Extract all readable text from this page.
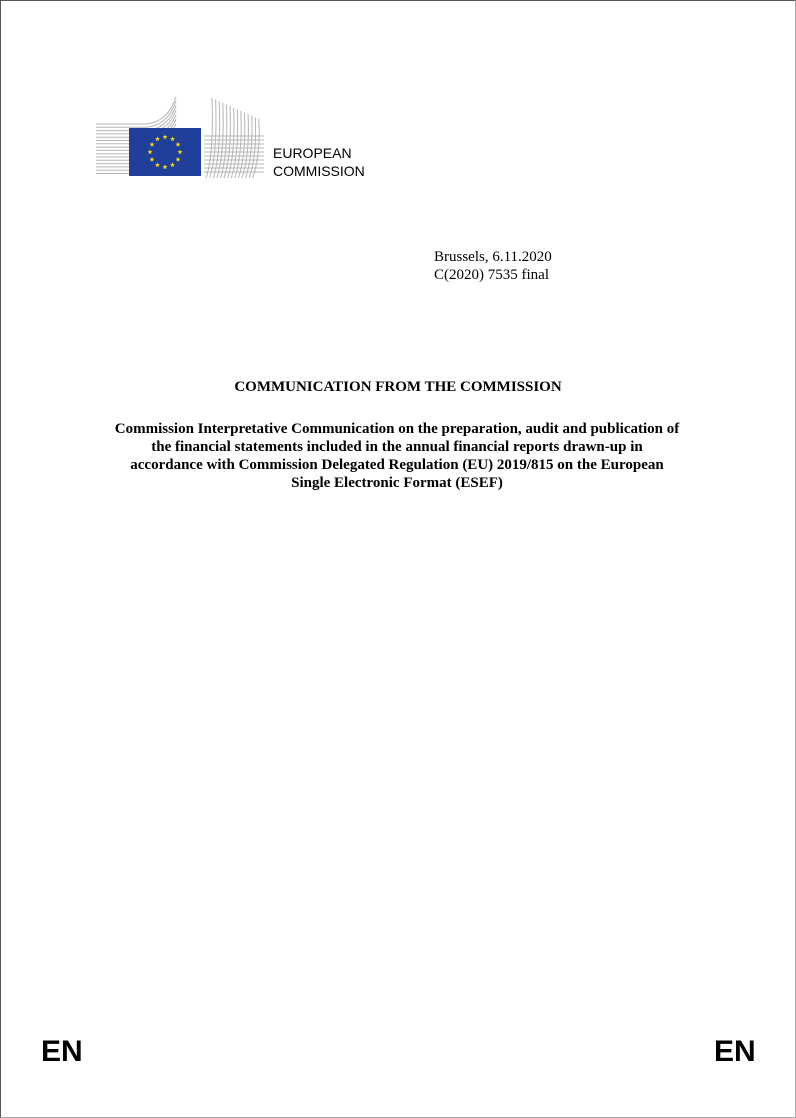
EUROPEAN
COMMISSION
Brussels, 6.11.2020
C(2020) 7535 final
COMMUNICATION FROM THE COMMISSION
Commission Interpretative Communication on the preparation, audit and publication of
the financial statements included in the annual financial reports drawn-up in
accordance with Commission Delegated Regulation (EU) 2019/815 on the European
Single Electronic Format (ESEF)
EN	EN
